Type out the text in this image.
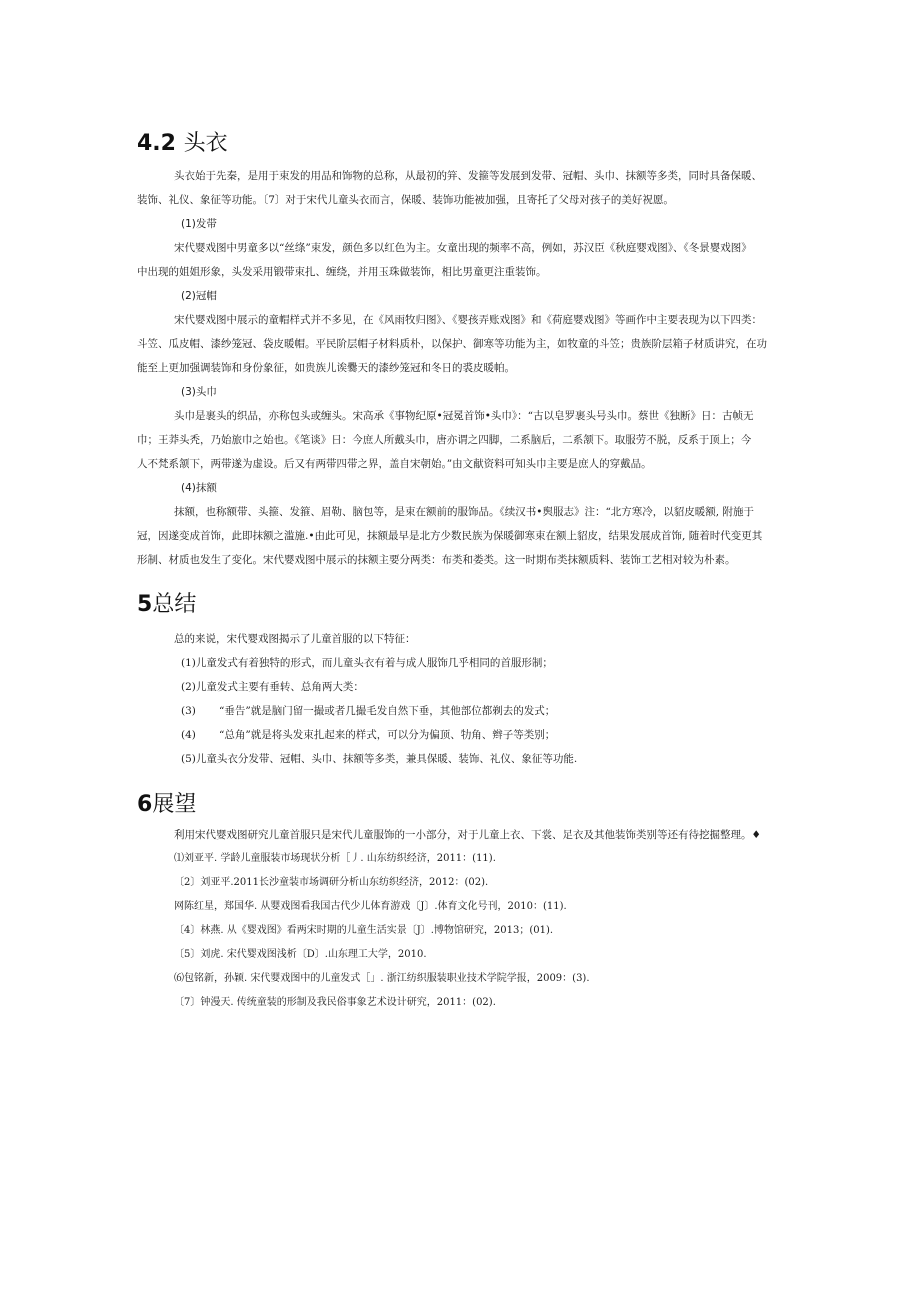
4.2 头衣

头衣始于先秦，是用于束发的用品和饰物的总称，从最初的笄、发箍等发展到发带、冠帽、头巾、抹额等多类，同时具备保暖、

装饰、礼仪、象征等功能。〔7〕对于宋代儿童头衣而言，保暖、装饰功能被加强，且寄托了父母对孩子的美好祝愿。

(1)发带

宋代婴戏图中男童多以“丝绦”束发，颜色多以红色为主。女童出现的频率不高，例如，苏汉臣《秋庭婴戏图》、《冬景婴戏图》

中出现的姐姐形象，头发采用锻带束扎、缠绕，并用玉珠做装饰，相比男童更注重装饰。

(2)冠帽

宋代婴戏图中展示的童帽样式并不多见，在《风雨牧归图》、《婴孩弄账戏图》和《荷庭婴戏图》等画作中主要表现为以下四类：

斗笠、瓜皮帽、漆纱笼冠、袋皮暖帽。平民阶层帽子材料质朴，以保护、御寒等功能为主，如牧童的斗笠；贵族阶层箱子材质讲究，在功

能至上更加强调装饰和身份象征，如贵族儿诶爨天的漆纱笼冠和冬日的裘皮暖帕。

(3)头巾

头巾是裹头的织品，亦称包头或缠头。宋高承《事物纪原•冠冕首饰•头巾》：“古以皂罗裹头号头巾。蔡世《独断》日：古帧无

巾；王莽头秃，乃始旅巾之始也。《笔谈》日：今庶人所戴头巾，唐亦谓之四脚，二系脑后，二系颔下。取服劳不脱，反系于顶上；今

人不梵系颔下，两带遂为虚设。后又有两带四带之界，盖自宋朝始。”由文献资料可知头巾主要是庶人的穿戴品。

(4)抹额

抹额，也称额带、头箍、发箍、眉勒、脑包等，是束在额前的服饰品。《续汉书•舆服志》注：“北方寒冷，以貂皮暖额, 附施于

冠，因遂变成首饰，此即抹额之滥施.•由此可见，抹额最早是北方少数民族为保暖御寒束在额上貂皮，结果发展成首饰, 随着时代变更其

形制、材质也发生了变化。宋代婴戏图中展示的抹额主要分两类：布类和娄类。这一时期布类抹额质料、装饰工艺相对较为朴素。

5总结

总的来说，宋代婴戏图揭示了儿童首服的以下特征：

(1)儿童发式有着独特的形式，而儿童头衣有着与成人服饰几乎相同的首服形制；

(2)儿童发式主要有垂转、总角两大类：

(3) “垂告”就是脑门留一撮或者几撮毛发自然下垂，其他部位都剃去的发式；

(4) “总角”就是将头发束扎起来的样式，可以分为偏顶、牞角、辫子等类别；

(5)儿童头衣分发带、冠帽、头巾、抹额等多类，兼具保暖、装饰、礼仪、象征等功能.

6展望

利用宋代婴戏图研究儿童首服只是宋代儿童服饰的一小部分，对于儿童上衣、下裳、足衣及其他装饰类别等还有待挖掘整理。♦

⑴刘亚平. 学龄儿童服装市场现状分析［丿. 山东纺织经济，2011：(11).

〔2〕刘亚平.2011长沙童装市场调研分析山东纺织经济，2012：(02).

网陈红星，郑国华. 从婴戏图看我国古代少儿体育游戏〔J〕.体育文化号刊，2010：(11).

〔4〕林燕. 从《婴戏图》看两宋时期的儿童生活实景〔J〕.博物馆研究，2013；(01).

〔5〕刘虎. 宋代婴戏图浅析〔D〕.山东理工大学，2010.

⑹包铭新，孙颖. 宋代婴戏图中的儿童发式［」. 浙江纺织服装职业技术学院学报，2009：(3).

〔7〕钟漫天. 传统童装的形制及我民俗事象艺术设计研究，2011：(02).
